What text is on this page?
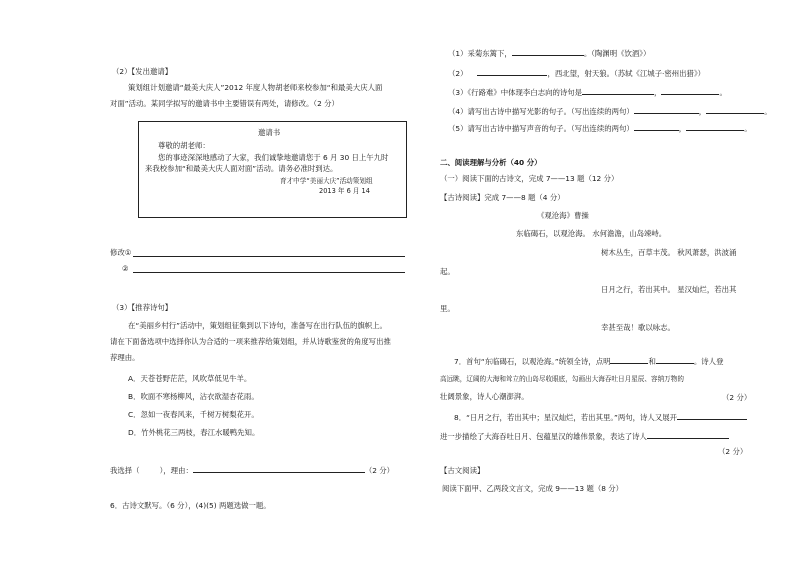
（2）【发出邀请】
策划组计划邀请“最美大庆人”2012 年度人物胡老师来校参加“和最美大庆人面
对面”活动。某同学拟写的邀请书中主要错误有两处，请修改。（2 分）
邀请书
尊敬的胡老师：
您的事迹深深地感动了大家，我们诚挚地邀请您于 6 月 30 日上午九时
来我校参加“和最美大庆人面对面”活动。请务必准时到达。
育才中学“美丽大庆”活动策划组
2013 年 6 月 14
修改①
②
（3）【推荐诗句】
在“美丽乡村行”活动中，策划组征集到以下诗句，准备写在出行队伍的旗帜上。
请在下面备选项中选择你认为合适的一项来推荐给策划组，并从诗歌鉴赏的角度写出推
荐理由。
A．天苍苍野茫茫，风吹草低见牛羊。
B．吹面不寒杨柳风，沾衣欲湿杏花雨。
C．忽如一夜春风来，千树万树梨花开。
D．竹外桃花三两枝，春江水暖鸭先知。
我选择（	），理由：	（2 分）
6．古诗文默写。（6 分），(4)(5) 两题选做一题。
（1）采菊东篱下，	。（陶渊明《饮酒》）
（2）	，西北望，射天狼。（苏轼《江城子·密州出猎》）
（3）《行路难》中体现李白志向的诗句是	，	。
（4）请写出古诗中描写光影的句子。（写出连续的两句）	，	。
（5）请写出古诗中描写声音的句子。（写出连续的两句）	，	。
二、阅读理解与分析（40 分）
（一）阅读下面的古诗文，完成 7——13 题（12 分）
【古诗阅读】完成 7——8 题（4 分）
《观沧海》曹操
东临碣石，以观沧海。 水何澹澹，山岛竦峙。
树木丛生，百草丰茂。 秋风萧瑟，洪波涌
起。
日月之行，若出其中。 星汉灿烂，若出其
里。
幸甚至哉！歌以咏志。
7．首句“东临碣石，以观沧海。”统领全诗，点明	和	。诗人登
高远眺，辽阔的大海和耸立的山岛尽收眼底，勾画出大海吞吐日月星辰、容纳万物的
壮阔景象，诗人心潮澎湃。	（2 分）
8．“日月之行，若出其中；星汉灿烂，若出其里。”两句，诗人又展开
进一步描绘了大海吞吐日月、包蕴星汉的雄伟景象，表达了诗人
（2 分）
【古文阅读】
阅读下面甲、乙两段文言文，完成 9——13 题（8 分）
